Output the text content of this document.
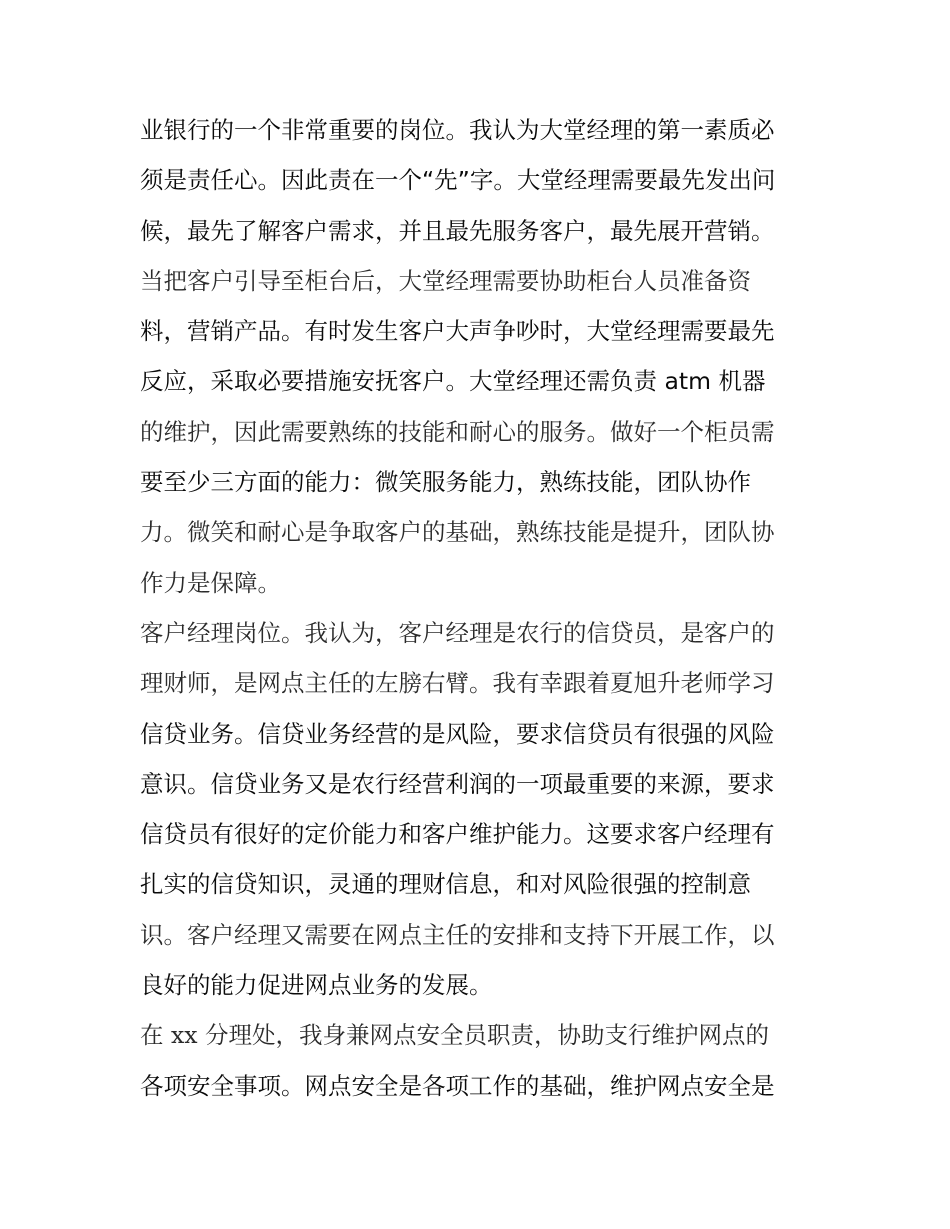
业银行的一个非常重要的岗位。我认为大堂经理的第一素质必
须是责任心。因此责在一个“先”字。大堂经理需要最先发出问
候，最先了解客户需求，并且最先服务客户，最先展开营销。
当把客户引导至柜台后，大堂经理需要协助柜台人员准备资
料，营销产品。有时发生客户大声争吵时，大堂经理需要最先
反应，采取必要措施安抚客户。大堂经理还需负责 atm 机器
的维护，因此需要熟练的技能和耐心的服务。做好一个柜员需
要至少三方面的能力：微笑服务能力，熟练技能，团队协作
力。微笑和耐心是争取客户的基础，熟练技能是提升，团队协
作力是保障。
客户经理岗位。我认为，客户经理是农行的信贷员，是客户的
理财师，是网点主任的左膀右臂。我有幸跟着夏旭升老师学习
信贷业务。信贷业务经营的是风险，要求信贷员有很强的风险
意识。信贷业务又是农行经营利润的一项最重要的来源，要求
信贷员有很好的定价能力和客户维护能力。这要求客户经理有
扎实的信贷知识，灵通的理财信息，和对风险很强的控制意
识。客户经理又需要在网点主任的安排和支持下开展工作，以
良好的能力促进网点业务的发展。
在 xx 分理处，我身兼网点安全员职责，协助支行维护网点的
各项安全事项。网点安全是各项工作的基础，维护网点安全是
